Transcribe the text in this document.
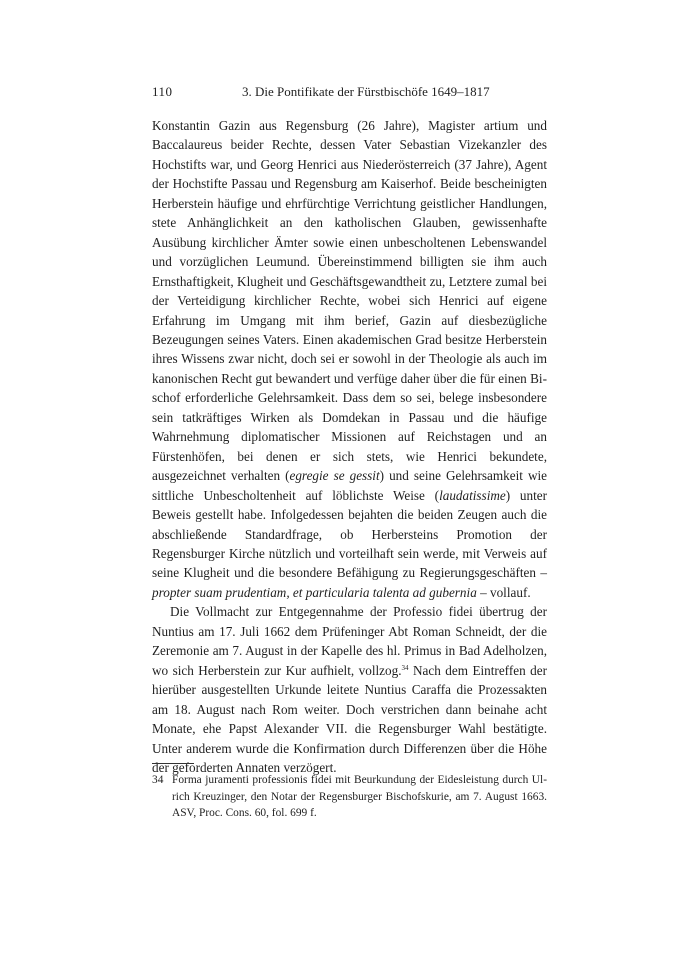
110	3. Die Pontifikate der Fürstbischöfe 1649–1817

Konstantin Gazin aus Regensburg (26 Jahre), Magister artium und Baccalaureus beider Rechte, dessen Vater Sebastian Vizekanzler des Hochstifts war, und Georg Henrici aus Niederösterreich (37 Jahre), Agent der Hochstifte Passau und Regensburg am Kaiserhof. Beide bescheinigten Herberstein häufige und ehrfürchtige Verrichtung geistlicher Handlungen, stete Anhänglichkeit an den katholischen Glauben, gewissenhafte Ausübung kirchlicher Ämter sowie einen unbescholtenen Lebenswandel und vorzüglichen Leumund. Übereinstimmend billigten sie ihm auch Ernsthaftigkeit, Klugheit und Geschäftsgewandtheit zu, Letztere zumal bei der Verteidigung kirchlicher Rechte, wobei sich Henrici auf eigene Erfahrung im Umgang mit ihm berief, Gazin auf diesbezügliche Bezeugungen seines Vaters. Einen akademischen Grad besitze Herberstein ihres Wissens zwar nicht, doch sei er sowohl in der Theologie als auch im kanonischen Recht gut bewandert und verfüge daher über die für einen Bischof erforderliche Gelehrsamkeit. Dass dem so sei, belege insbesondere sein tatkräftiges Wirken als Domdekan in Passau und die häufige Wahrnehmung diplomatischer Missionen auf Reichstagen und an Fürstenhöfen, bei denen er sich stets, wie Henrici bekundete, ausgezeichnet verhalten (egregie se gessit) und seine Gelehrsamkeit wie sittliche Unbescholtenheit auf löblichste Weise (laudatissime) unter Beweis gestellt habe. Infolgedessen bejahten die beiden Zeugen auch die abschließende Standardfrage, ob Herbersteins Promotion der Regensburger Kirche nützlich und vorteilhaft sein werde, mit Verweis auf seine Klugheit und die besondere Befähigung zu Regierungsgeschäften – propter suam prudentiam, et particularia talenta ad gubernia – vollauf.

Die Vollmacht zur Entgegennahme der Professio fidei übertrug der Nuntius am 17. Juli 1662 dem Prüfeninger Abt Roman Schneidt, der die Zeremonie am 7. August in der Kapelle des hl. Primus in Bad Adelholzen, wo sich Herberstein zur Kur aufhielt, vollzog.$^{34}$ Nach dem Eintreffen der hierüber ausgestellten Urkunde leitete Nuntius Caraffa die Prozessakten am 18. August nach Rom weiter. Doch verstrichen dann beinahe acht Monate, ehe Papst Alexander VII. die Regensburger Wahl bestätigte. Unter anderem wurde die Konfirmation durch Differenzen über die Höhe der geforderten Annaten verzögert.

34 Forma juramenti professionis fidei mit Beurkundung der Eidesleistung durch Ulrich Kreuzinger, den Notar der Regensburger Bischofskurie, am 7. August 1663. ASV, Proc. Cons. 60, fol. 699 f.
